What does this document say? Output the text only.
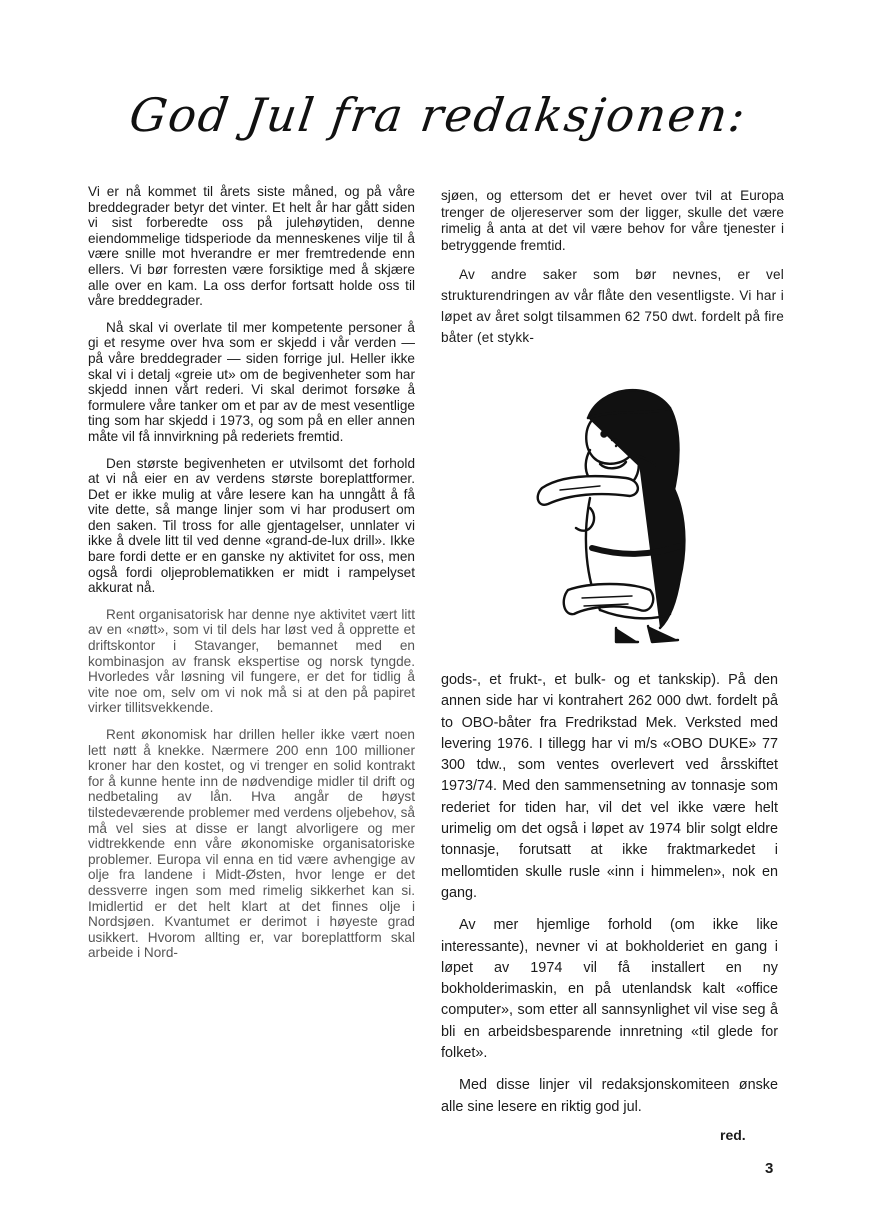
God Jul fra redaksjonen:

Vi er nå kommet til årets siste måned, og på våre breddegrader betyr det vinter. Et helt år har gått siden vi sist forberedte oss på julehøytiden, denne eiendommelige tidsperiode da menneskenes vilje til å være snille mot hverandre er mer fremtredende enn ellers. Vi bør forresten være forsiktige med å skjære alle over en kam. La oss derfor fortsatt holde oss til våre breddegrader.

Nå skal vi overlate til mer kompetente personer å gi et resyme over hva som er skjedd i vår verden — på våre breddegrader — siden forrige jul. Heller ikke skal vi i detalj «greie ut» om de begivenheter som har skjedd innen vårt rederi. Vi skal derimot forsøke å formulere våre tanker om et par av de mest vesentlige ting som har skjedd i 1973, og som på en eller annen måte vil få innvirkning på rederiets fremtid.

Den største begivenheten er utvilsomt det forhold at vi nå eier en av verdens største boreplattformer. Det er ikke mulig at våre lesere kan ha unngått å få vite dette, så mange linjer som vi har produsert om den saken. Til tross for alle gjentagelser, unnlater vi ikke å dvele litt til ved denne «grand-de-lux drill». Ikke bare fordi dette er en ganske ny aktivitet for oss, men også fordi oljeproblematikken er midt i rampelyset akkurat nå.

Rent organisatorisk har denne nye aktivitet vært litt av en «nøtt», som vi til dels har løst ved å opprette et driftskontor i Stavanger, bemannet med en kombinasjon av fransk ekspertise og norsk tyngde. Hvorledes vår løsning vil fungere, er det for tidlig å vite noe om, selv om vi nok må si at den på papiret virker tillitsvekkende.

Rent økonomisk har drillen heller ikke vært noen lett nøtt å knekke. Nærmere 200 enn 100 millioner kroner har den kostet, og vi trenger en solid kontrakt for å kunne hente inn de nødvendige midler til drift og nedbetaling av lån. Hva angår de høyst tilstedeværende problemer med verdens oljebehov, så må vel sies at disse er langt alvorligere og mer vidtrekkende enn våre økonomiske organisatoriske problemer. Europa vil enna en tid være avhengige av olje fra landene i Midt-Østen, hvor lenge er det dessverre ingen som med rimelig sikkerhet kan si. Imidlertid er det helt klart at det finnes olje i Nordsjøen. Kvantumet er derimot i høyeste grad usikkert. Hvorom allting er, var boreplattform skal arbeide i Nord-

sjøen, og ettersom det er hevet over tvil at Europa trenger de oljereserver som der ligger, skulle det være rimelig å anta at det vil være behov for våre tjenester i betryggende fremtid.

Av andre saker som bør nevnes, er vel strukturendringen av vår flåte den vesentligste. Vi har i løpet av året solgt tilsammen 62 750 dwt. fordelt på fire båter (et stykk-

gods-, et frukt-, et bulk- og et tankskip). På den annen side har vi kontrahert 262 000 dwt. fordelt på to OBO-båter fra Fredrikstad Mek. Verksted med levering 1976. I tillegg har vi m/s «OBO DUKE» 77 300 tdw., som ventes overlevert ved årsskiftet 1973/74. Med den sammensetning av tonnasje som rederiet for tiden har, vil det vel ikke være helt urimelig om det også i løpet av 1974 blir solgt eldre tonnasje, forutsatt at ikke fraktmarkedet i mellomtiden skulle rusle «inn i himmelen», nok en gang.

Av mer hjemlige forhold (om ikke like interessante), nevner vi at bokholderiet en gang i løpet av 1974 vil få installert en ny bokholderimaskin, en på utenlandsk kalt «office computer», som etter all sannsynlighet vil vise seg å bli en arbeidsbesparende innretning «til glede for folket».

Med disse linjer vil redaksjonskomiteen ønske alle sine lesere en riktig god jul.

red.
3
